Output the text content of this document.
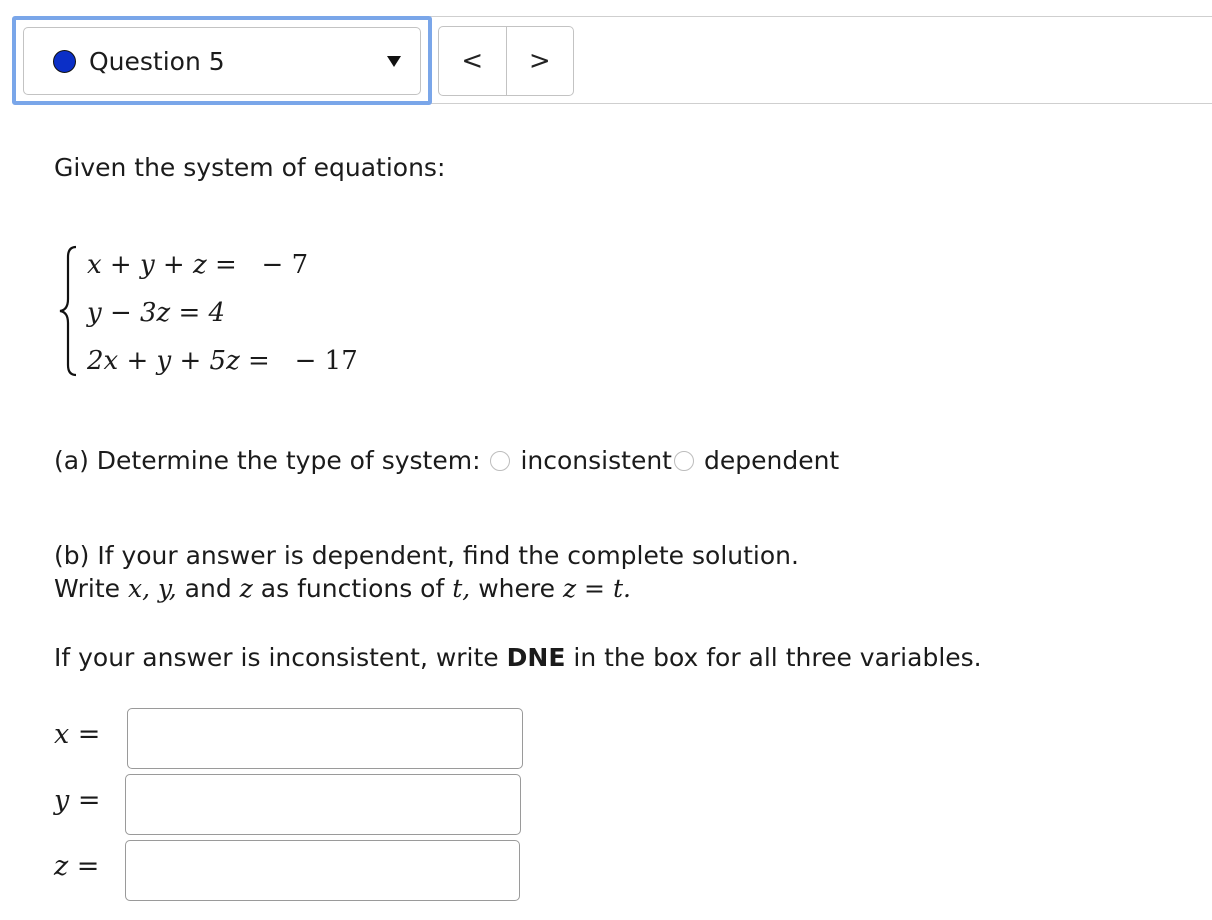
Question 5	< >
Given the system of equations:
x + y + z = − 7
y − 3z = 4
2x + y + 5z = − 17
(a) Determine the type of system: inconsistent dependent
(b) If your answer is dependent, find the complete solution.
Write x, y, and z as functions of t, where z = t.
If your answer is inconsistent, write DNE in the box for all three variables.
x =
y =
z =
